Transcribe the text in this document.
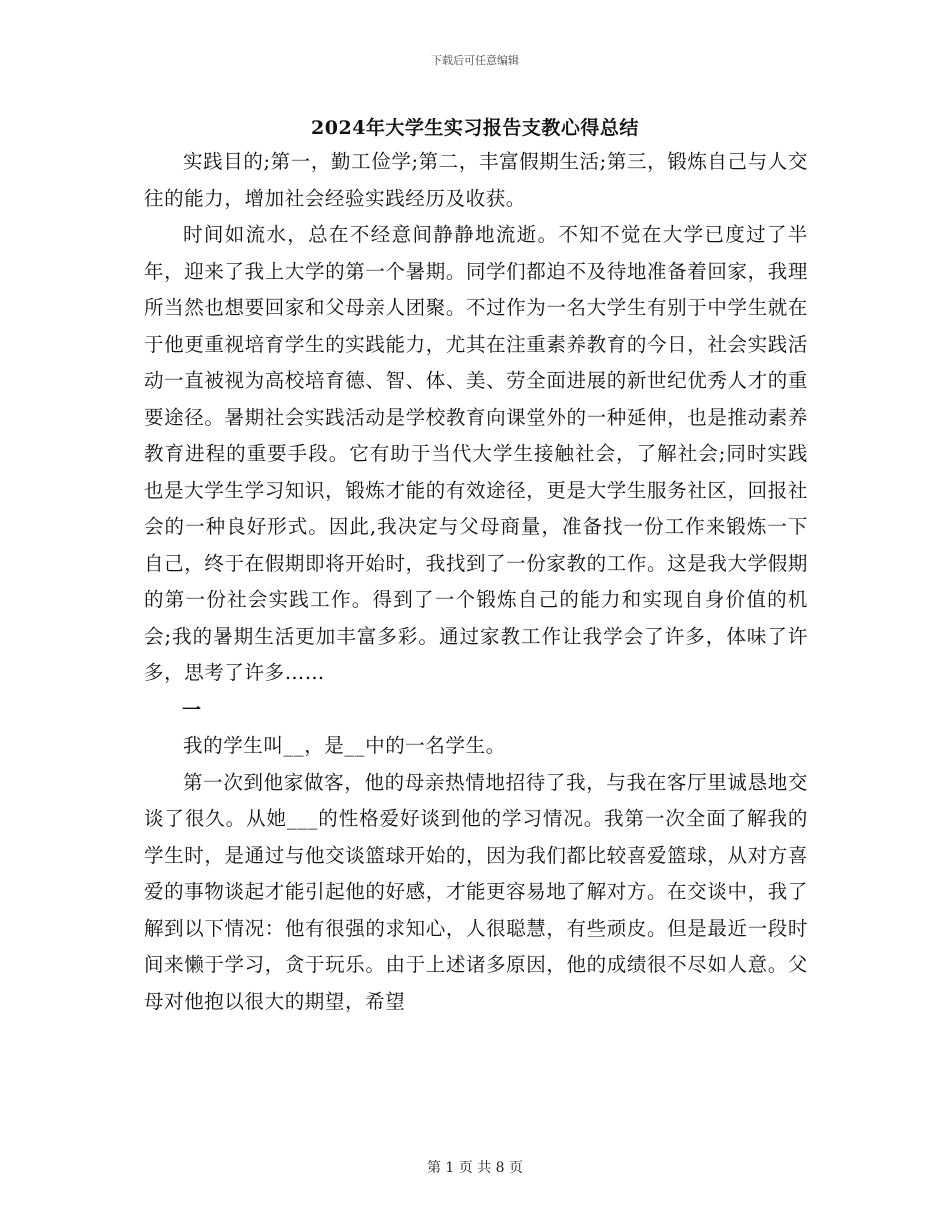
下载后可任意编辑
2024年大学生实习报告支教心得总结

实践目的;第一，勤工俭学;第二，丰富假期生活;第三，锻炼自己与人交往的能力，增加社会经验实践经历及收获。

时间如流水，总在不经意间静静地流逝。不知不觉在大学已度过了半年，迎来了我上大学的第一个暑期。同学们都迫不及待地准备着回家，我理所当然也想要回家和父母亲人团聚。不过作为一名大学生有别于中学生就在于他更重视培育学生的实践能力，尤其在注重素养教育的今日，社会实践活动一直被视为高校培育德、智、体、美、劳全面进展的新世纪优秀人才的重要途径。暑期社会实践活动是学校教育向课堂外的一种延伸，也是推动素养教育进程的重要手段。它有助于当代大学生接触社会，了解社会;同时实践也是大学生学习知识，锻炼才能的有效途径，更是大学生服务社区，回报社会的一种良好形式。因此,我决定与父母商量，准备找一份工作来锻炼一下自己，终于在假期即将开始时，我找到了一份家教的工作。这是我大学假期的第一份社会实践工作。得到了一个锻炼自己的能力和实现自身价值的机会;我的暑期生活更加丰富多彩。通过家教工作让我学会了许多，体味了许多，思考了许多……

一

我的学生叫__，是__中的一名学生。

第一次到他家做客，他的母亲热情地招待了我，与我在客厅里诚恳地交谈了很久。从她___的性格爱好谈到他的学习情况。我第一次全面了解我的学生时，是通过与他交谈篮球开始的，因为我们都比较喜爱篮球，从对方喜爱的事物谈起才能引起他的好感，才能更容易地了解对方。在交谈中，我了解到以下情况：他有很强的求知心，人很聪慧，有些顽皮。但是最近一段时间来懒于学习，贪于玩乐。由于上述诸多原因，他的成绩很不尽如人意。父母对他抱以很大的期望，希望

第 1 页 共 8 页
